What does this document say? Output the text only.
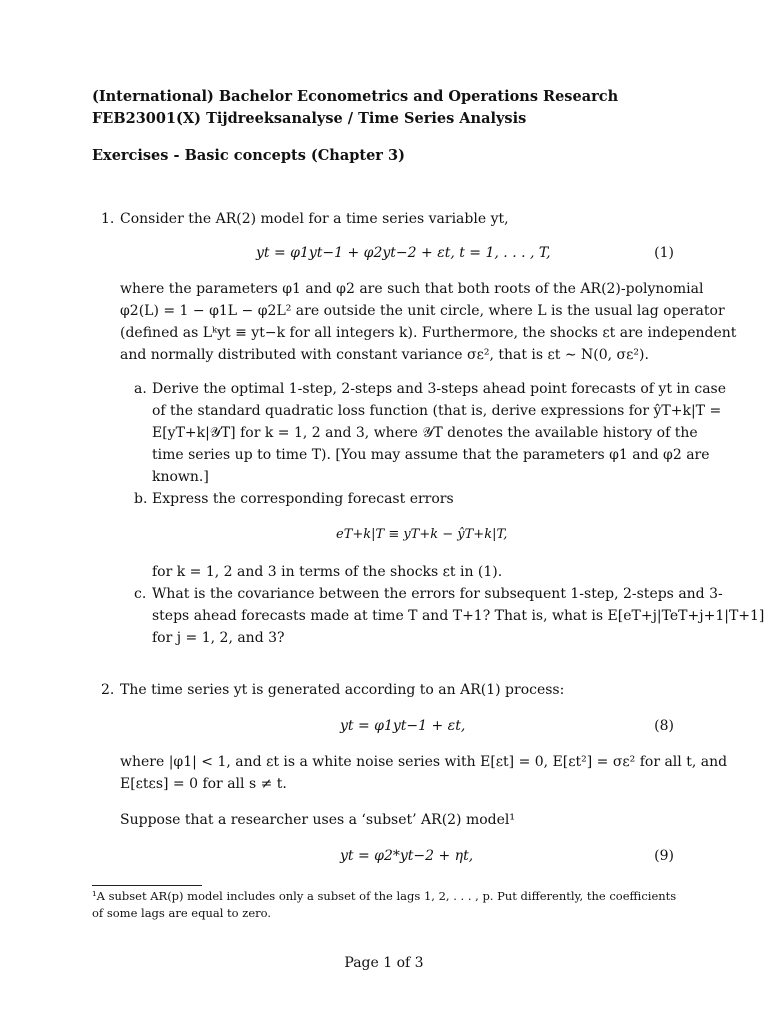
(International) Bachelor Econometrics and Operations Research
FEB23001(X) Tijdreeksanalyse / Time Series Analysis
Exercises - Basic concepts (Chapter 3)
1. Consider the AR(2) model for a time series variable yt,
yt = φ1yt−1 + φ2yt−2 + εt, t = 1, . . . , T,	(1)
where the parameters φ1 and φ2 are such that both roots of the AR(2)-polynomial
φ2(L) = 1 − φ1L − φ2L² are outside the unit circle, where L is the usual lag operator
(defined as Lᵏyt ≡ yt−k for all integers k). Furthermore, the shocks εt are independent
and normally distributed with constant variance σε², that is εt ∼ N(0, σε²).
a. Derive the optimal 1-step, 2-steps and 3-steps ahead point forecasts of yt in case
of the standard quadratic loss function (that is, derive expressions for ŷT+k|T =
E[yT+k|𝒴T] for k = 1, 2 and 3, where 𝒴T denotes the available history of the
time series up to time T). [You may assume that the parameters φ1 and φ2 are
known.]
b. Express the corresponding forecast errors
eT+k|T ≡ yT+k − ŷT+k|T,
for k = 1, 2 and 3 in terms of the shocks εt in (1).
c. What is the covariance between the errors for subsequent 1-step, 2-steps and 3-
steps ahead forecasts made at time T and T+1? That is, what is E[eT+j|TeT+j+1|T+1]
for j = 1, 2, and 3?
2. The time series yt is generated according to an AR(1) process:
yt = φ1yt−1 + εt,	(8)
where |φ1| < 1, and εt is a white noise series with E[εt] = 0, E[εt²] = σε² for all t, and
E[εtεs] = 0 for all s ≠ t.
Suppose that a researcher uses a ‘subset’ AR(2) model¹
yt = φ2*yt−2 + ηt,	(9)
¹A subset AR(p) model includes only a subset of the lags 1, 2, . . . , p. Put differently, the coefficients
of some lags are equal to zero.
Page 1 of 3
